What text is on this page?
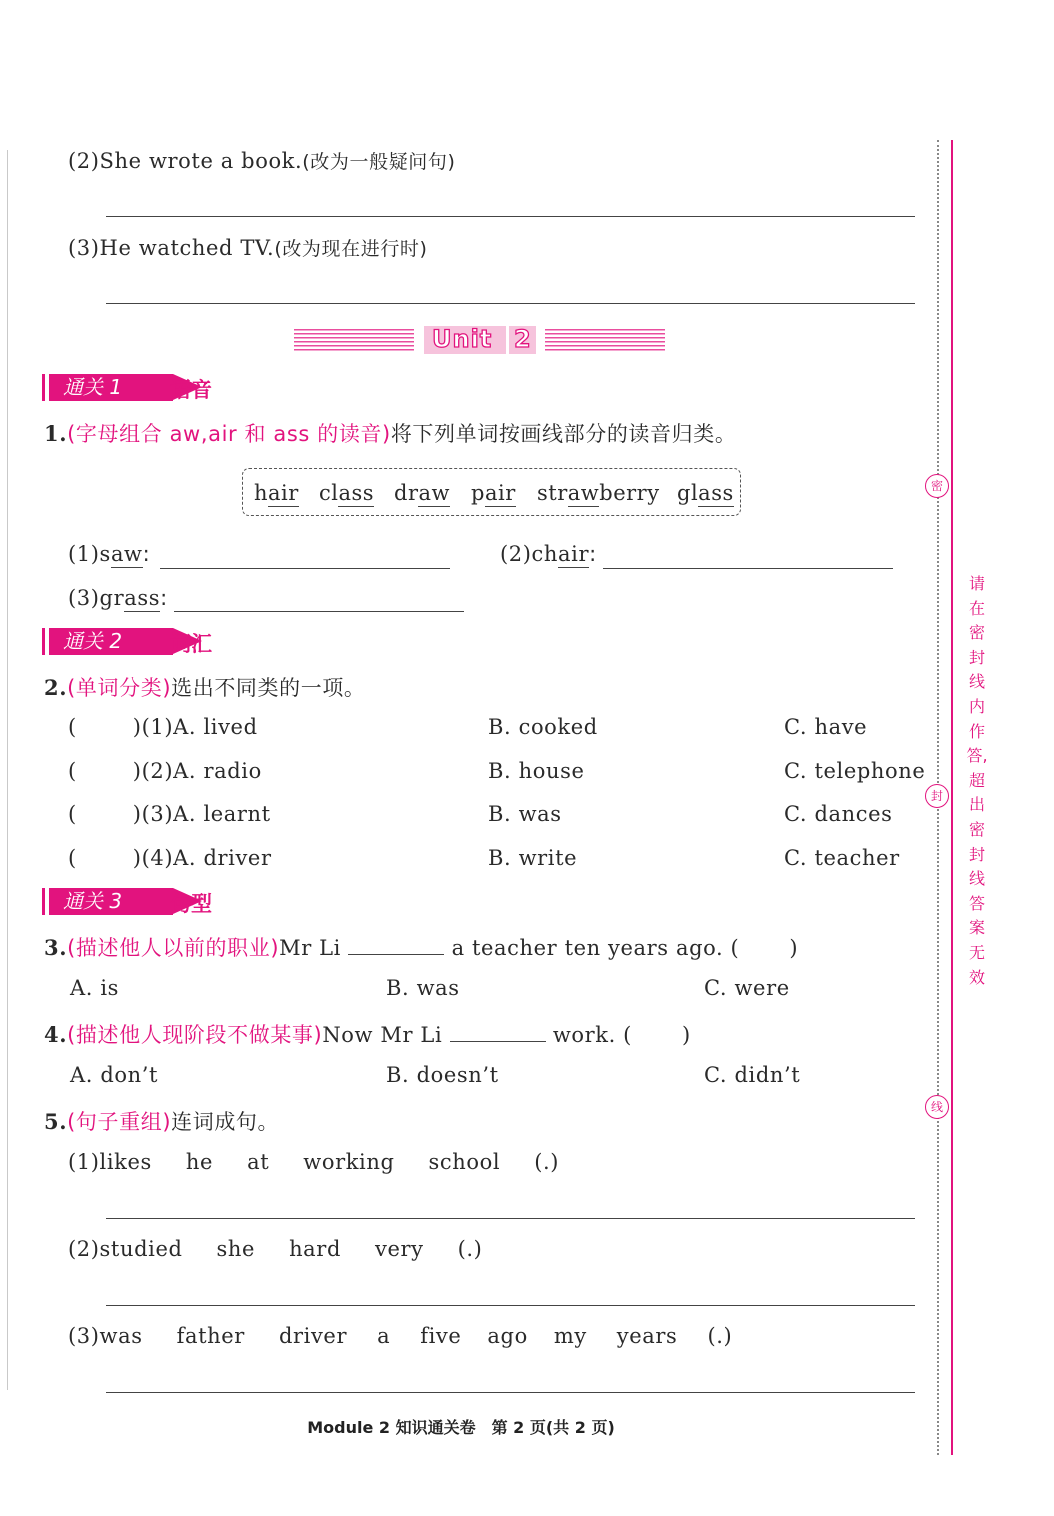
(2)She wrote a book.(改为一般疑问句)
(3)He watched TV.(改为现在进行时)
Unit 2
通关 1	语音
1.(字母组合 aw,air 和 ass 的读音)将下列单词按画线部分的读音归类。
hair class draw pair strawberry glass
(1)saw:	(2)chair:
(3)grass:
通关 2	词汇
2.(单词分类)选出不同类的一项。
(	)(1)A. lived	B. cooked	C. have
(	)(2)A. radio	B. house	C. telephone
(	)(3)A. learnt	B. was	C. dances
(	)(4)A. driver	B. write	C. teacher
通关 3	句型
3.(描述他人以前的职业)Mr Li	a teacher ten years ago. ( )
A. is	B. was	C. were
4.(描述他人现阶段不做某事)Now Mr Li	work. ( )
A. don’t	B. doesn’t	C. didn’t
5.(句子重组)连词成句。
(1)likes he at working school (.)
(2)studied she hard very (.)
(3)was father driver a five ago my years (.)
Module 2 知识通关卷　第 2 页(共 2 页)
密
封
线
请在密封线内作答,超出密封线答案无效
